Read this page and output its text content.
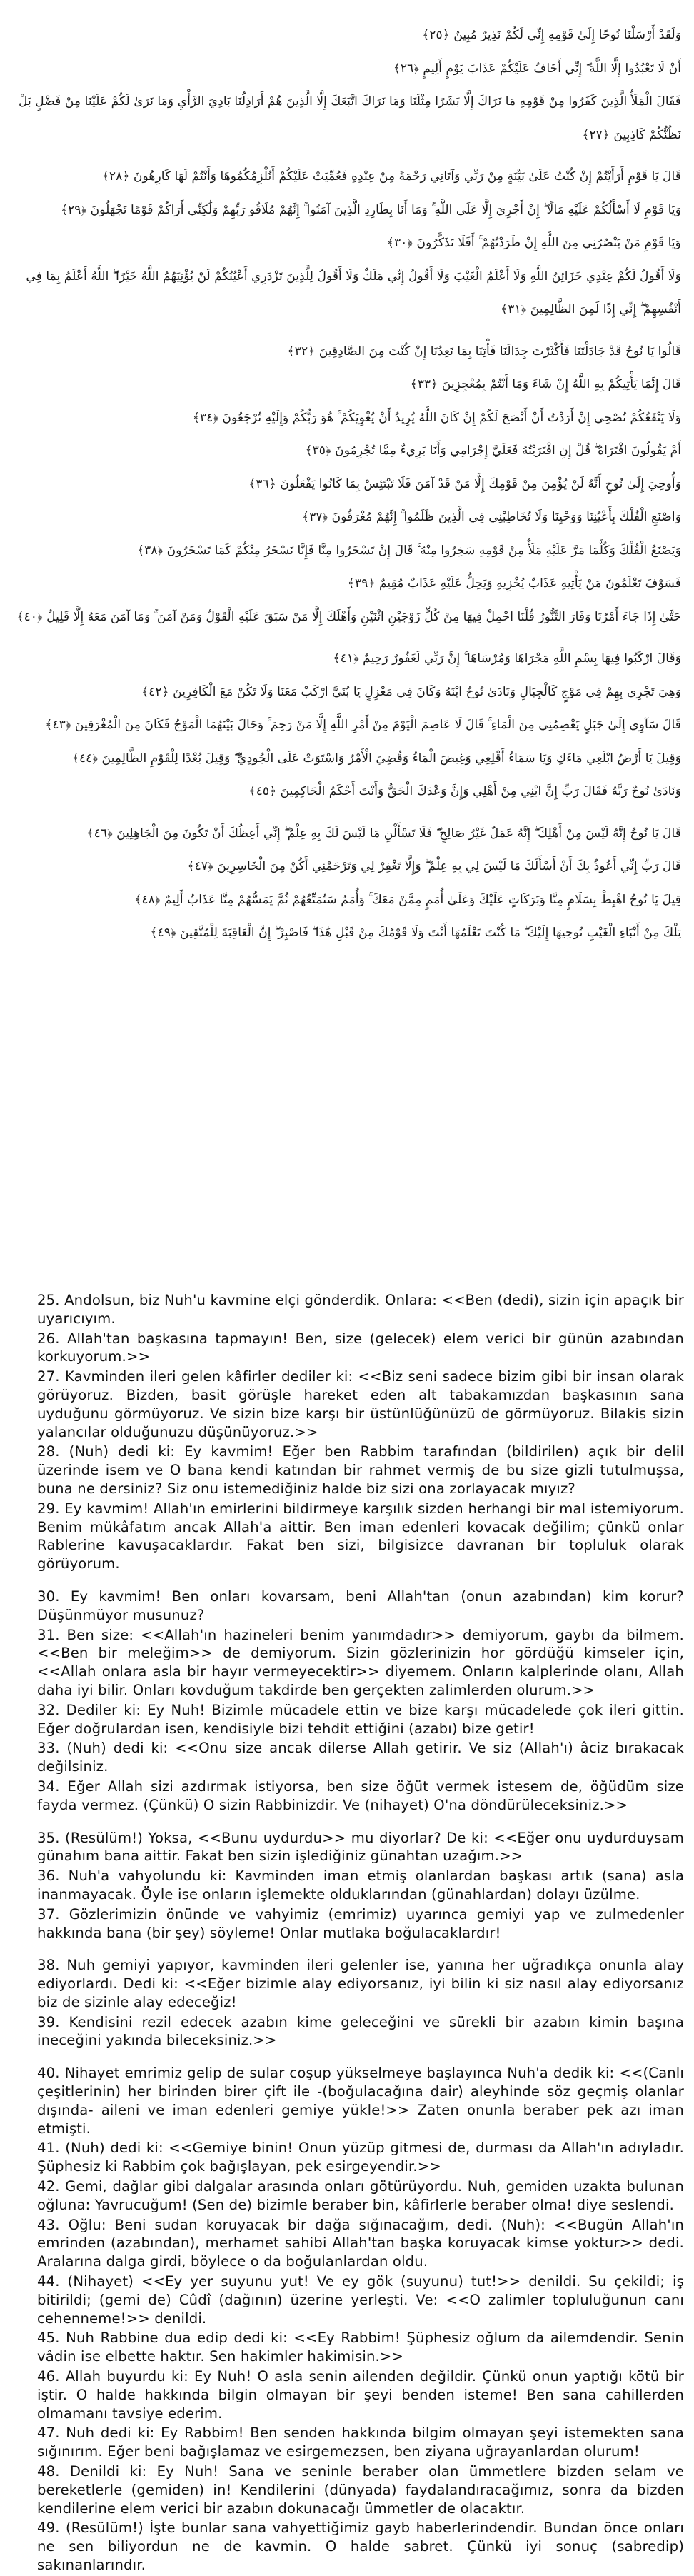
وَلَقَدْ أَرْسَلْنَا نُوحًا إِلَىٰ قَوْمِهِ إِنِّي لَكُمْ نَذِيرٌ مُبِينٌ ﴿٢٥﴾

أَنْ لَا تَعْبُدُوا إِلَّا اللَّهَ ۖ إِنِّي أَخَافُ عَلَيْكُمْ عَذَابَ يَوْمٍ أَلِيمٍ ﴿٢٦﴾

فَقَالَ الْمَلَأُ الَّذِينَ كَفَرُوا مِنْ قَوْمِهِ مَا نَرَاكَ إِلَّا بَشَرًا مِثْلَنَا وَمَا نَرَاكَ اتَّبَعَكَ إِلَّا الَّذِينَ هُمْ أَرَاذِلُنَا بَادِيَ الرَّأْيِ وَمَا نَرَىٰ لَكُمْ عَلَيْنَا مِنْ فَضْلٍ بَلْ

نَظُنُّكُمْ كَاذِبِينَ ﴿٢٧﴾

قَالَ يَا قَوْمِ أَرَأَيْتُمْ إِنْ كُنْتُ عَلَىٰ بَيِّنَةٍ مِنْ رَبِّي وَآتَانِي رَحْمَةً مِنْ عِنْدِهِ فَعُمِّيَتْ عَلَيْكُمْ أَنُلْزِمُكُمُوهَا وَأَنْتُمْ لَهَا كَارِهُونَ ﴿٢٨﴾

وَيَا قَوْمِ لَا أَسْأَلُكُمْ عَلَيْهِ مَالًا ۖ إِنْ أَجْرِيَ إِلَّا عَلَى اللَّهِ ۚ وَمَا أَنَا بِطَارِدِ الَّذِينَ آمَنُوا ۚ إِنَّهُمْ مُلَاقُو رَبِّهِمْ وَلَٰكِنِّي أَرَاكُمْ قَوْمًا تَجْهَلُونَ ﴿٢٩﴾

وَيَا قَوْمِ مَنْ يَنْصُرُنِي مِنَ اللَّهِ إِنْ طَرَدْتُهُمْ ۚ أَفَلَا تَذَكَّرُونَ ﴿٣٠﴾

وَلَا أَقُولُ لَكُمْ عِنْدِي خَزَائِنُ اللَّهِ وَلَا أَعْلَمُ الْغَيْبَ وَلَا أَقُولُ إِنِّي مَلَكٌ وَلَا أَقُولُ لِلَّذِينَ تَزْدَرِي أَعْيُنُكُمْ لَنْ يُؤْتِيَهُمُ اللَّهُ خَيْرًا ۖ اللَّهُ أَعْلَمُ بِمَا فِي

أَنْفُسِهِمْ ۖ إِنِّي إِذًا لَمِنَ الظَّالِمِينَ ﴿٣١﴾

قَالُوا يَا نُوحُ قَدْ جَادَلْتَنَا فَأَكْثَرْتَ جِدَالَنَا فَأْتِنَا بِمَا تَعِدُنَا إِنْ كُنْتَ مِنَ الصَّادِقِينَ ﴿٣٢﴾

قَالَ إِنَّمَا يَأْتِيكُمْ بِهِ اللَّهُ إِنْ شَاءَ وَمَا أَنْتُمْ بِمُعْجِزِينَ ﴿٣٣﴾

وَلَا يَنْفَعُكُمْ نُصْحِي إِنْ أَرَدْتُ أَنْ أَنْصَحَ لَكُمْ إِنْ كَانَ اللَّهُ يُرِيدُ أَنْ يُغْوِيَكُمْ ۚ هُوَ رَبُّكُمْ وَإِلَيْهِ تُرْجَعُونَ ﴿٣٤﴾

أَمْ يَقُولُونَ افْتَرَاهُ ۖ قُلْ إِنِ افْتَرَيْتُهُ فَعَلَيَّ إِجْرَامِي وَأَنَا بَرِيءٌ مِمَّا تُجْرِمُونَ ﴿٣٥﴾

وَأُوحِيَ إِلَىٰ نُوحٍ أَنَّهُ لَنْ يُؤْمِنَ مِنْ قَوْمِكَ إِلَّا مَنْ قَدْ آمَنَ فَلَا تَبْتَئِسْ بِمَا كَانُوا يَفْعَلُونَ ﴿٣٦﴾

وَاصْنَعِ الْفُلْكَ بِأَعْيُنِنَا وَوَحْيِنَا وَلَا تُخَاطِبْنِي فِي الَّذِينَ ظَلَمُوا ۚ إِنَّهُمْ مُغْرَقُونَ ﴿٣٧﴾

وَيَصْنَعُ الْفُلْكَ وَكُلَّمَا مَرَّ عَلَيْهِ مَلَأٌ مِنْ قَوْمِهِ سَخِرُوا مِنْهُ ۚ قَالَ إِنْ تَسْخَرُوا مِنَّا فَإِنَّا نَسْخَرُ مِنْكُمْ كَمَا تَسْخَرُونَ ﴿٣٨﴾

فَسَوْفَ تَعْلَمُونَ مَنْ يَأْتِيهِ عَذَابٌ يُخْزِيهِ وَيَحِلُّ عَلَيْهِ عَذَابٌ مُقِيمٌ ﴿٣٩﴾

حَتَّىٰ إِذَا جَاءَ أَمْرُنَا وَفَارَ التَّنُّورُ قُلْنَا احْمِلْ فِيهَا مِنْ كُلٍّ زَوْجَيْنِ اثْنَيْنِ وَأَهْلَكَ إِلَّا مَنْ سَبَقَ عَلَيْهِ الْقَوْلُ وَمَنْ آمَنَ ۚ وَمَا آمَنَ مَعَهُ إِلَّا قَلِيلٌ ﴿٤٠﴾

وَقَالَ ارْكَبُوا فِيهَا بِسْمِ اللَّهِ مَجْرَاهَا وَمُرْسَاهَا ۚ إِنَّ رَبِّي لَغَفُورٌ رَحِيمٌ ﴿٤١﴾

وَهِيَ تَجْرِي بِهِمْ فِي مَوْجٍ كَالْجِبَالِ وَنَادَىٰ نُوحٌ ابْنَهُ وَكَانَ فِي مَعْزِلٍ يَا بُنَيَّ ارْكَبْ مَعَنَا وَلَا تَكُنْ مَعَ الْكَافِرِينَ ﴿٤٢﴾

قَالَ سَآوِي إِلَىٰ جَبَلٍ يَعْصِمُنِي مِنَ الْمَاءِ ۚ قَالَ لَا عَاصِمَ الْيَوْمَ مِنْ أَمْرِ اللَّهِ إِلَّا مَنْ رَحِمَ ۚ وَحَالَ بَيْنَهُمَا الْمَوْجُ فَكَانَ مِنَ الْمُغْرَقِينَ ﴿٤٣﴾

وَقِيلَ يَا أَرْضُ ابْلَعِي مَاءَكِ وَيَا سَمَاءُ أَقْلِعِي وَغِيضَ الْمَاءُ وَقُضِيَ الْأَمْرُ وَاسْتَوَتْ عَلَى الْجُودِيِّ ۖ وَقِيلَ بُعْدًا لِلْقَوْمِ الظَّالِمِينَ ﴿٤٤﴾

وَنَادَىٰ نُوحٌ رَبَّهُ فَقَالَ رَبِّ إِنَّ ابْنِي مِنْ أَهْلِي وَإِنَّ وَعْدَكَ الْحَقُّ وَأَنْتَ أَحْكَمُ الْحَاكِمِينَ ﴿٤٥﴾

قَالَ يَا نُوحُ إِنَّهُ لَيْسَ مِنْ أَهْلِكَ ۖ إِنَّهُ عَمَلٌ غَيْرُ صَالِحٍ ۖ فَلَا تَسْأَلْنِ مَا لَيْسَ لَكَ بِهِ عِلْمٌ ۖ إِنِّي أَعِظُكَ أَنْ تَكُونَ مِنَ الْجَاهِلِينَ ﴿٤٦﴾

قَالَ رَبِّ إِنِّي أَعُوذُ بِكَ أَنْ أَسْأَلَكَ مَا لَيْسَ لِي بِهِ عِلْمٌ ۖ وَإِلَّا تَغْفِرْ لِي وَتَرْحَمْنِي أَكُنْ مِنَ الْخَاسِرِينَ ﴿٤٧﴾

قِيلَ يَا نُوحُ اهْبِطْ بِسَلَامٍ مِنَّا وَبَرَكَاتٍ عَلَيْكَ وَعَلَىٰ أُمَمٍ مِمَّنْ مَعَكَ ۚ وَأُمَمٌ سَنُمَتِّعُهُمْ ثُمَّ يَمَسُّهُمْ مِنَّا عَذَابٌ أَلِيمٌ ﴿٤٨﴾

تِلْكَ مِنْ أَنْبَاءِ الْغَيْبِ نُوحِيهَا إِلَيْكَ ۖ مَا كُنْتَ تَعْلَمُهَا أَنْتَ وَلَا قَوْمُكَ مِنْ قَبْلِ هَٰذَا ۖ فَاصْبِرْ ۖ إِنَّ الْعَاقِبَةَ لِلْمُتَّقِينَ ﴿٤٩﴾

25. Andolsun, biz Nuh'u kavmine elçi gönderdik. Onlara: <<Ben (dedi), sizin için apaçık bir uyarıcıyım.

26. Allah'tan başkasına tapmayın! Ben, size (gelecek) elem verici bir günün azabından korkuyorum.>>

27. Kavminden ileri gelen kâfirler dediler ki: <<Biz seni sadece bizim gibi bir insan olarak görüyoruz. Bizden, basit görüşle hareket eden alt tabakamızdan başkasının sana uyduğunu görmüyoruz. Ve sizin bize karşı bir üstünlüğünüzü de görmüyoruz. Bilakis sizin yalancılar olduğunuzu düşünüyoruz.>>

28. (Nuh) dedi ki: Ey kavmim! Eğer ben Rabbim tarafından (bildirilen) açık bir delil üzerinde isem ve O bana kendi katından bir rahmet vermiş de bu size gizli tutulmuşsa, buna ne dersiniz? Siz onu istemediğiniz halde biz sizi ona zorlayacak mıyız?

29. Ey kavmim! Allah'ın emirlerini bildirmeye karşılık sizden herhangi bir mal istemiyorum. Benim mükâfatım ancak Allah'a aittir. Ben iman edenleri kovacak değilim; çünkü onlar Rablerine kavuşacaklardır. Fakat ben sizi, bilgisizce davranan bir topluluk olarak görüyorum.

30. Ey kavmim! Ben onları kovarsam, beni Allah'tan (onun azabından) kim korur? Düşünmüyor musunuz?

31. Ben size: <<Allah'ın hazineleri benim yanımdadır>> demiyorum, gaybı da bilmem. <<Ben bir meleğim>> de demiyorum. Sizin gözlerinizin hor gördüğü kimseler için, <<Allah onlara asla bir hayır vermeyecektir>> diyemem. Onların kalplerinde olanı, Allah daha iyi bilir. Onları kovduğum takdirde ben gerçekten zalimlerden olurum.>>

32. Dediler ki: Ey Nuh! Bizimle mücadele ettin ve bize karşı mücadelede çok ileri gittin. Eğer doğrulardan isen, kendisiyle bizi tehdit ettiğini (azabı) bize getir!

33. (Nuh) dedi ki: <<Onu size ancak dilerse Allah getirir. Ve siz (Allah'ı) âciz bırakacak değilsiniz.

34. Eğer Allah sizi azdırmak istiyorsa, ben size öğüt vermek istesem de, öğüdüm size fayda vermez. (Çünkü) O sizin Rabbinizdir. Ve (nihayet) O'na döndürüleceksiniz.>>

35. (Resülüm!) Yoksa, <<Bunu uydurdu>> mu diyorlar? De ki: <<Eğer onu uydurduysam günahım bana aittir. Fakat ben sizin işlediğiniz günahtan uzağım.>>

36. Nuh'a vahyolundu ki: Kavminden iman etmiş olanlardan başkası artık (sana) asla inanmayacak. Öyle ise onların işlemekte olduklarından (günahlardan) dolayı üzülme.

37. Gözlerimizin önünde ve vahyimiz (emrimiz) uyarınca gemiyi yap ve zulmedenler hakkında bana (bir şey) söyleme! Onlar mutlaka boğulacaklardır!

38. Nuh gemiyi yapıyor, kavminden ileri gelenler ise, yanına her uğradıkça onunla alay ediyorlardı. Dedi ki: <<Eğer bizimle alay ediyorsanız, iyi bilin ki siz nasıl alay ediyorsanız biz de sizinle alay edeceğiz!

39. Kendisini rezil edecek azabın kime geleceğini ve sürekli bir azabın kimin başına ineceğini yakında bileceksiniz.>>

40. Nihayet emrimiz gelip de sular coşup yükselmeye başlayınca Nuh'a dedik ki: <<(Canlı çeşitlerinin) her birinden birer çift ile -(boğulacağına dair) aleyhinde söz geçmiş olanlar dışında- aileni ve iman edenleri gemiye yükle!>> Zaten onunla beraber pek azı iman etmişti.

41. (Nuh) dedi ki: <<Gemiye binin! Onun yüzüp gitmesi de, durması da Allah'ın adıyladır. Şüphesiz ki Rabbim çok bağışlayan, pek esirgeyendir.>>

42. Gemi, dağlar gibi dalgalar arasında onları götürüyordu. Nuh, gemiden uzakta bulunan oğluna: Yavrucuğum! (Sen de) bizimle beraber bin, kâfirlerle beraber olma! diye seslendi.

43. Oğlu: Beni sudan koruyacak bir dağa sığınacağım, dedi. (Nuh): <<Bugün Allah'ın emrinden (azabından), merhamet sahibi Allah'tan başka koruyacak kimse yoktur>> dedi. Aralarına dalga girdi, böylece o da boğulanlardan oldu.

44. (Nihayet) <<Ey yer suyunu yut! Ve ey gök (suyunu) tut!>> denildi. Su çekildi; iş bitirildi; (gemi de) Cûdî (dağının) üzerine yerleşti. Ve: <<O zalimler topluluğunun canı cehenneme!>> denildi.

45. Nuh Rabbine dua edip dedi ki: <<Ey Rabbim! Şüphesiz oğlum da ailemdendir. Senin vâdin ise elbette haktır. Sen hakimler hakimisin.>>

46. Allah buyurdu ki: Ey Nuh! O asla senin ailenden değildir. Çünkü onun yaptığı kötü bir iştir. O halde hakkında bilgin olmayan bir şeyi benden isteme! Ben sana cahillerden olmamanı tavsiye ederim.

47. Nuh dedi ki: Ey Rabbim! Ben senden hakkında bilgim olmayan şeyi istemekten sana sığınırım. Eğer beni bağışlamaz ve esirgemezsen, ben ziyana uğrayanlardan olurum!

48. Denildi ki: Ey Nuh! Sana ve seninle beraber olan ümmetlere bizden selam ve bereketlerle (gemiden) in! Kendilerini (dünyada) faydalandıracağımız, sonra da bizden kendilerine elem verici bir azabın dokunacağı ümmetler de olacaktır.

49. (Resülüm!) İşte bunlar sana vahyettiğimiz gayb haberlerindendir. Bundan önce onları ne sen biliyordun ne de kavmin. O halde sabret. Çünkü iyi sonuç (sabredip) sakınanlarındır.
